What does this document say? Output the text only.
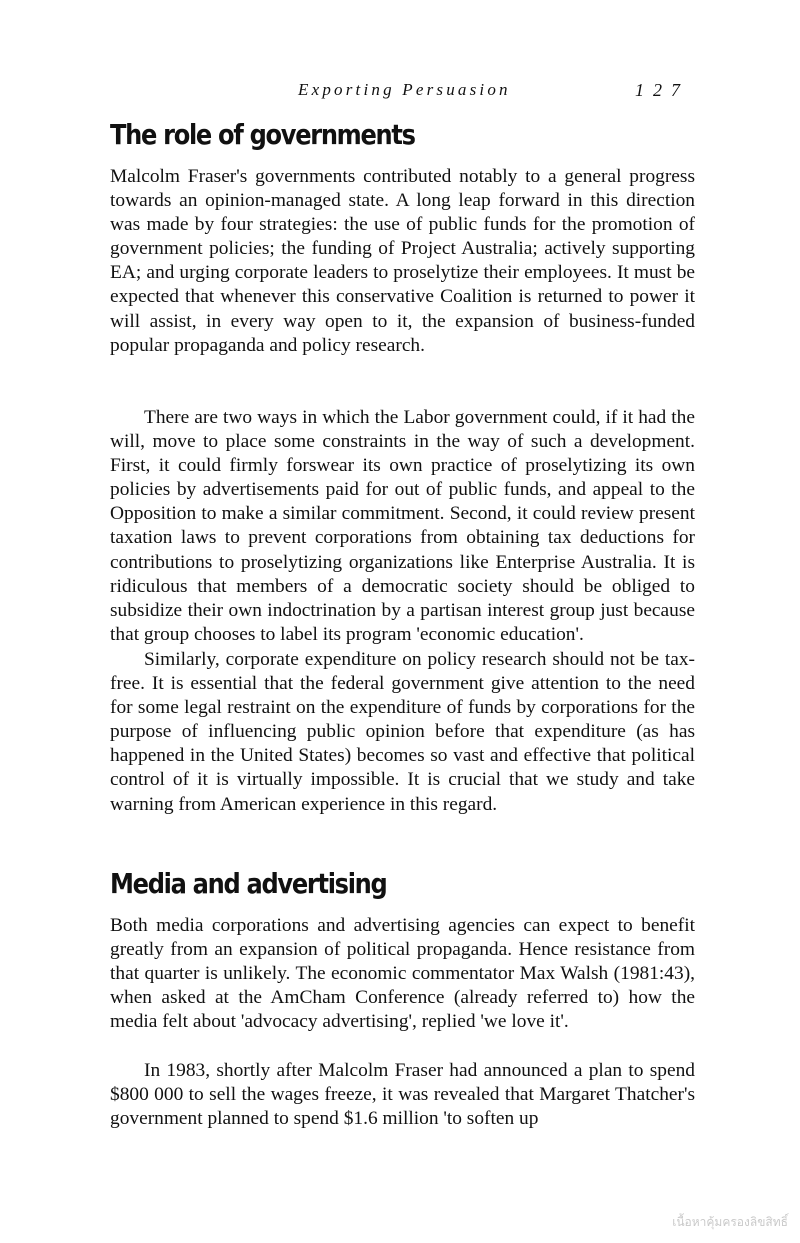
Exporting Persuasion	127
The role of governments

Malcolm Fraser's governments contributed notably to a general progress towards an opinion-managed state. A long leap forward in this direction was made by four strategies: the use of public funds for the promotion of government policies; the funding of Project Australia; actively supporting EA; and urging corporate leaders to proselytize their employees. It must be expected that whenever this conservative Coalition is returned to power it will assist, in every way open to it, the expansion of business-funded popular propaganda and policy research.

There are two ways in which the Labor government could, if it had the will, move to place some constraints in the way of such a development. First, it could firmly forswear its own practice of proselytizing its own policies by advertisements paid for out of public funds, and appeal to the Opposition to make a similar commitment. Second, it could review present taxation laws to prevent corporations from obtaining tax deductions for contributions to proselytizing organizations like Enterprise Australia. It is ridiculous that members of a democratic society should be obliged to subsidize their own indoctrination by a partisan interest group just because that group chooses to label its program 'economic education'.

Similarly, corporate expenditure on policy research should not be tax-free. It is essential that the federal government give attention to the need for some legal restraint on the expenditure of funds by corporations for the purpose of influencing public opinion before that expenditure (as has happened in the United States) becomes so vast and effective that political control of it is virtually impossible. It is crucial that we study and take warning from American experience in this regard.

Media and advertising

Both media corporations and advertising agencies can expect to benefit greatly from an expansion of political propaganda. Hence resistance from that quarter is unlikely. The economic commentator Max Walsh (1981:43), when asked at the AmCham Conference (already referred to) how the media felt about 'advocacy advertising', replied 'we love it'.

In 1983, shortly after Malcolm Fraser had announced a plan to spend $800 000 to sell the wages freeze, it was revealed that Margaret Thatcher's government planned to spend $1.6 million 'to soften up

เนื้อหาคุ้มครองลิขสิทธิ์
